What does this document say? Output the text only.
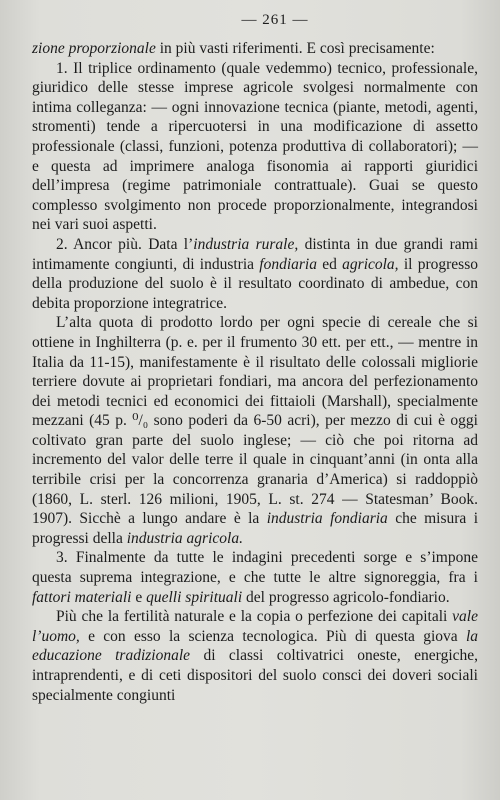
— 261 —

zione proporzionale in più vasti riferimenti. E così precisamente:

1. Il triplice ordinamento (quale vedemmo) tecnico, professionale, giuridico delle stesse imprese agricole svolgesi normalmente con intima colleganza: — ogni innovazione tecnica (piante, metodi, agenti, stromenti) tende a ripercuotersi in una modificazione di assetto professionale (classi, funzioni, potenza produttiva di collaboratori); — e questa ad imprimere analoga fisonomia ai rapporti giuridici dell’impresa (regime patrimoniale contrattuale). Guai se questo complesso svolgimento non procede proporzionalmente, integrandosi nei vari suoi aspetti.

2. Ancor più. Data l’industria rurale, distinta in due grandi rami intimamente congiunti, di industria fondiaria ed agricola, il progresso della produzione del suolo è il resultato coordinato di ambedue, con debita proporzione integratrice.

L’alta quota di prodotto lordo per ogni specie di cereale che si ottiene in Inghilterra (p. e. per il frumento 30 ett. per ett., — mentre in Italia da 11-15), manifestamente è il risultato delle colossali migliorie terriere dovute ai proprietari fondiari, ma ancora del perfezionamento dei metodi tecnici ed economici dei fittaioli (Marshall), specialmente mezzani (45 p. ⁰/₀ sono poderi da 6-50 acri), per mezzo di cui è oggi coltivato gran parte del suolo inglese; — ciò che poi ritorna ad incremento del valor delle terre il quale in cinquant’anni (in onta alla terribile crisi per la concorrenza granaria d’America) si raddoppiò (1860, L. sterl. 126 milioni, 1905, L. st. 274 — Statesman’ Book. 1907). Sicchè a lungo andare è la industria fondiaria che misura i progressi della industria agricola.

3. Finalmente da tutte le indagini precedenti sorge e s’impone questa suprema integrazione, e che tutte le altre signoreggia, fra i fattori materiali e quelli spirituali del progresso agricolo-fondiario.

Più che la fertilità naturale e la copia o perfezione dei capitali vale l’uomo, e con esso la scienza tecnologica. Più di questa giova la educazione tradizionale di classi coltivatrici oneste, energiche, intraprendenti, e di ceti dispositori del suolo consci dei doveri sociali specialmente congiunti
